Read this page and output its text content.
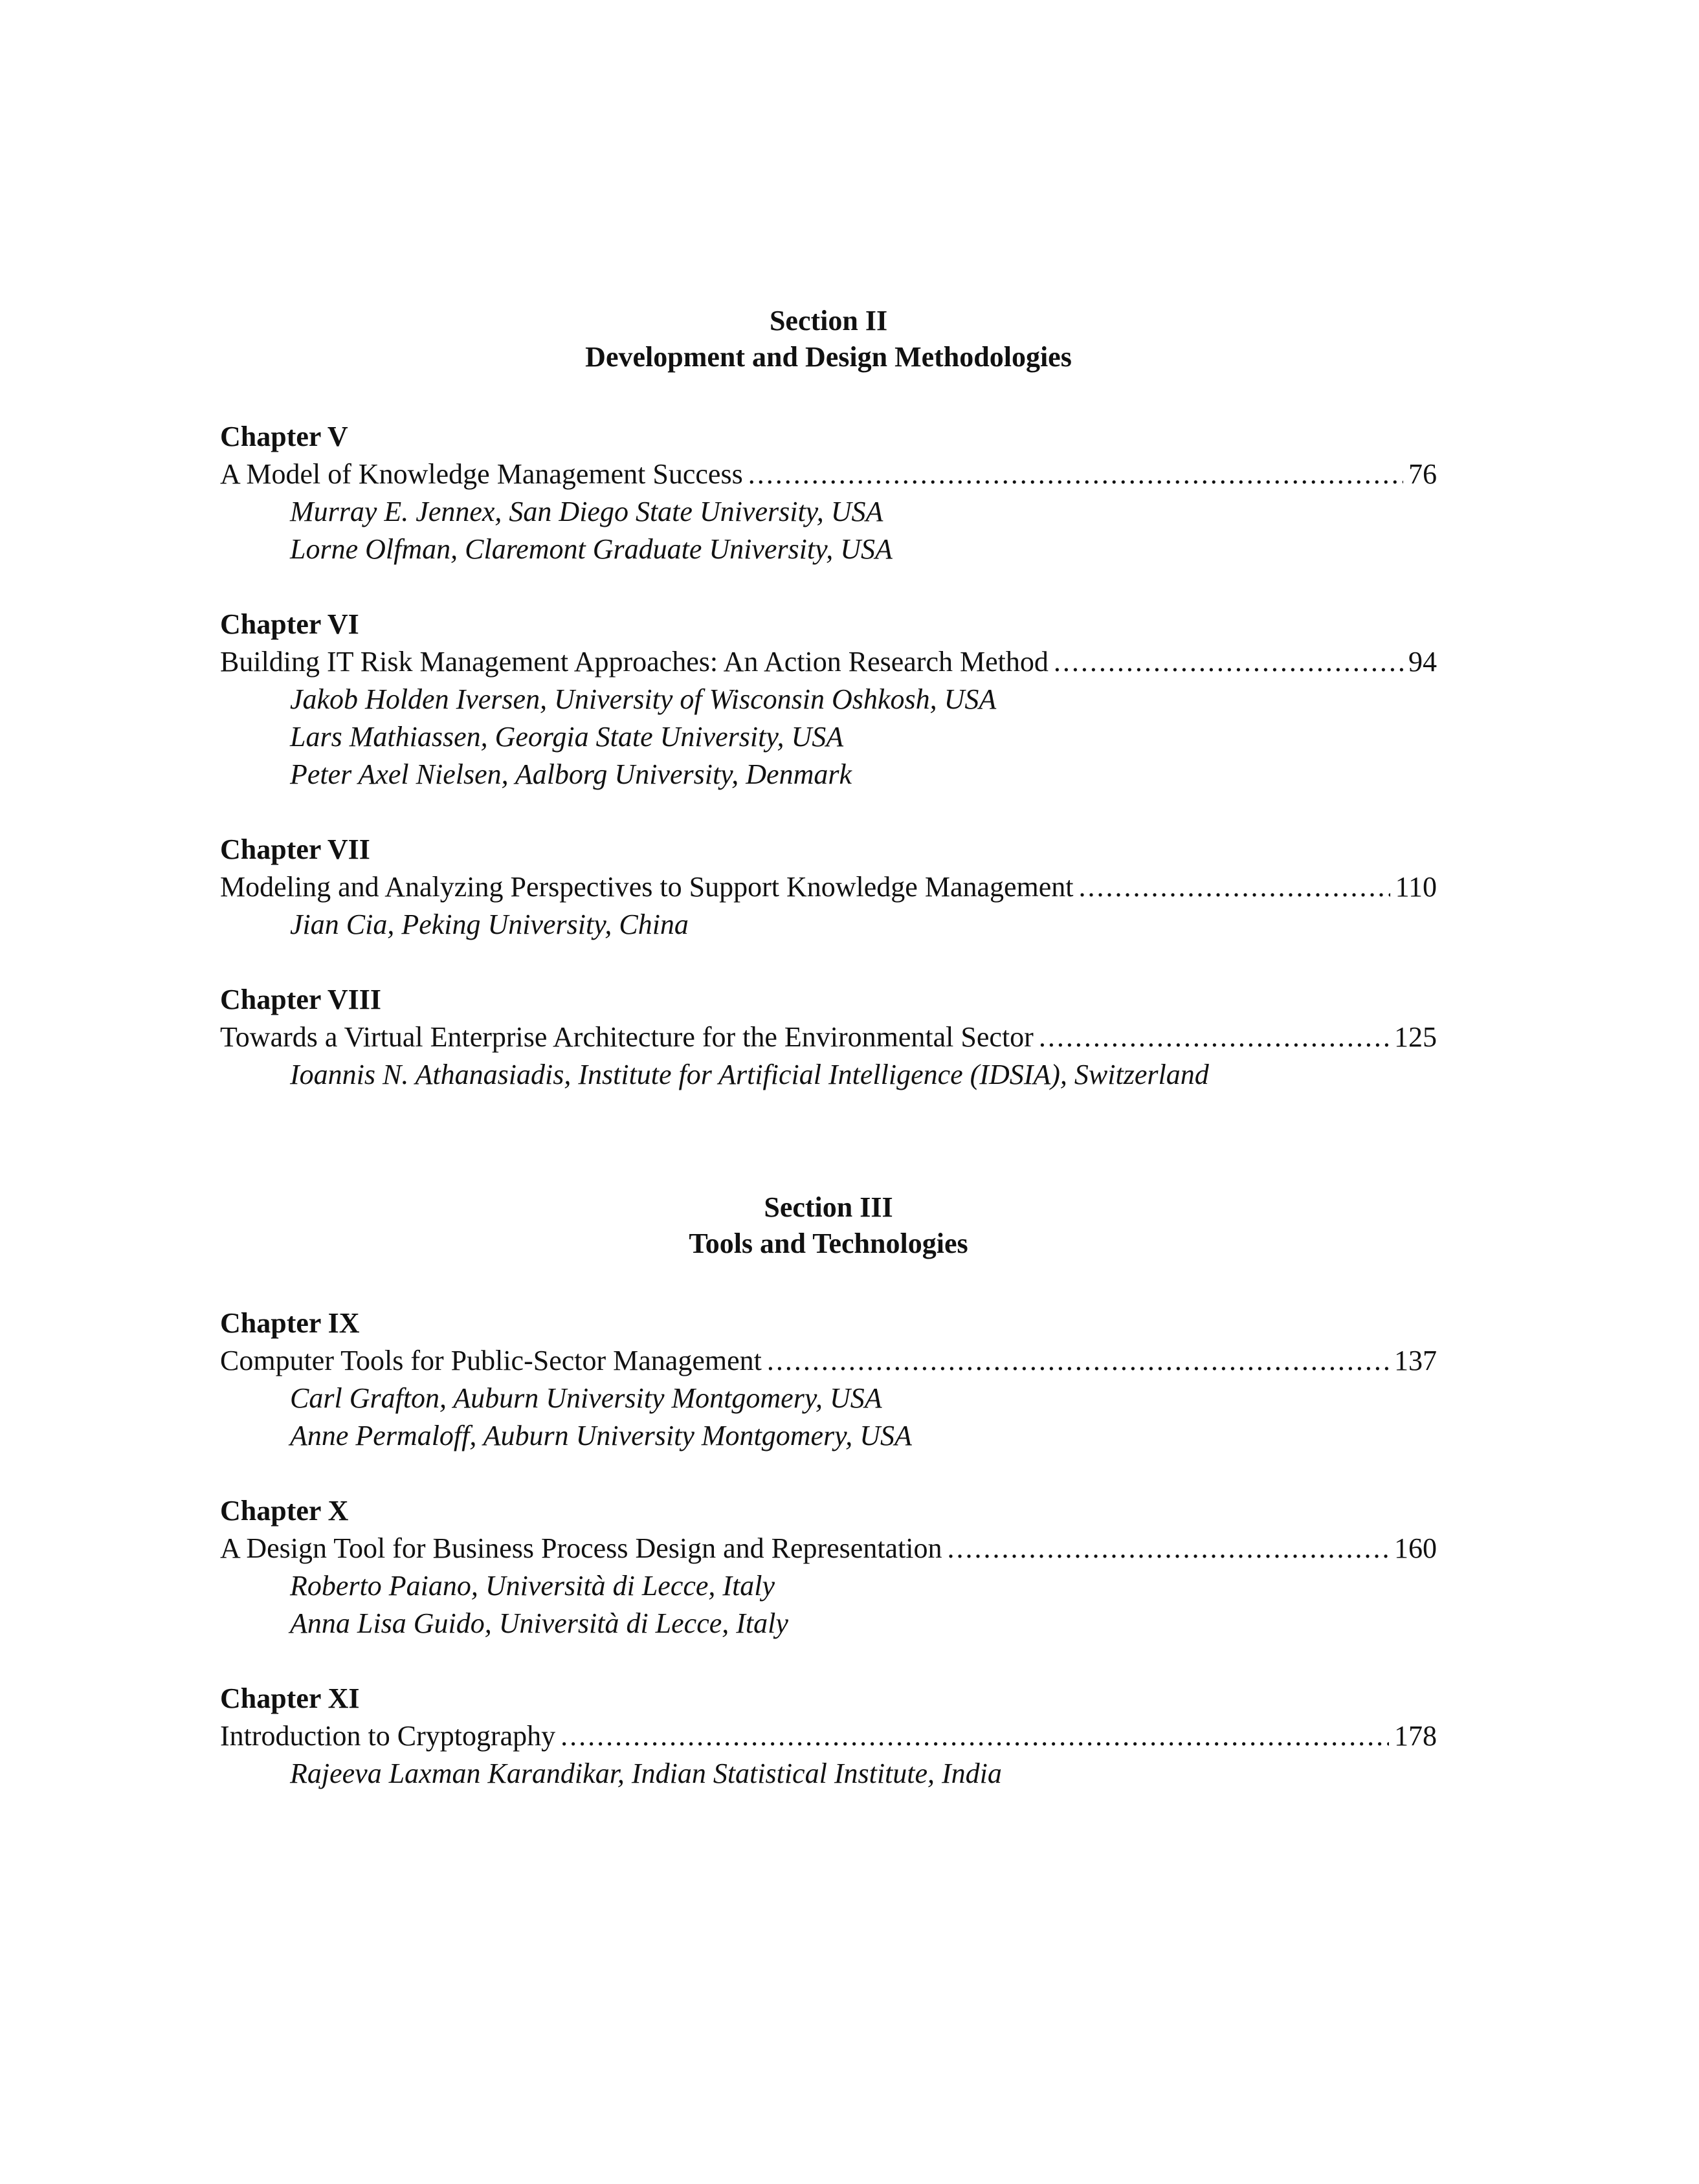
Section II
Development and Design Methodologies
Chapter V
A Model of Knowledge Management Success .....	76
Murray E. Jennex, San Diego State University, USA
Lorne Olfman, Claremont Graduate University, USA
Chapter VI
Building IT Risk Management Approaches: An Action Research Method .....	94
Jakob Holden Iversen, University of Wisconsin Oshkosh, USA
Lars Mathiassen, Georgia State University, USA
Peter Axel Nielsen, Aalborg University, Denmark
Chapter VII
Modeling and Analyzing Perspectives to Support Knowledge Management .....	110
Jian Cia, Peking University, China
Chapter VIII
Towards a Virtual Enterprise Architecture for the Environmental Sector .....	125
Ioannis N. Athanasiadis, Institute for Artificial Intelligence (IDSIA), Switzerland
Section III
Tools and Technologies
Chapter IX
Computer Tools for Public-Sector Management .....	137
Carl Grafton, Auburn University Montgomery, USA
Anne Permaloff, Auburn University Montgomery, USA
Chapter X
A Design Tool for Business Process Design and Representation .....	160
Roberto Paiano, Università di Lecce, Italy
Anna Lisa Guido, Università di Lecce, Italy
Chapter XI
Introduction to Cryptography .....	178
Rajeeva Laxman Karandikar, Indian Statistical Institute, India
